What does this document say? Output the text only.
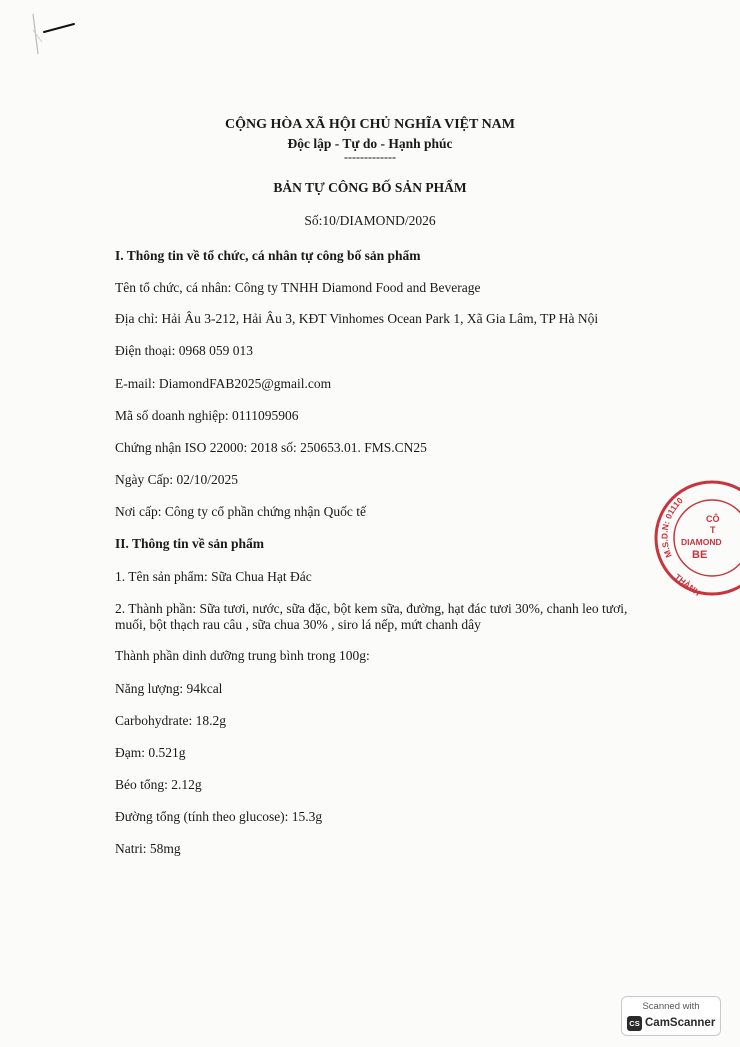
CỘNG HÒA XÃ HỘI CHỦ NGHĨA VIỆT NAM
Độc lập - Tự do - Hạnh phúc
-------------
BẢN TỰ CÔNG BỐ SẢN PHẨM
Số:10/DIAMOND/2026
I. Thông tin về tổ chức, cá nhân tự công bố sản phẩm
Tên tổ chức, cá nhân: Công ty TNHH Diamond Food and Beverage
Địa chỉ: Hải Âu 3-212, Hải Âu 3, KĐT Vinhomes Ocean Park 1, Xã Gia Lâm, TP Hà Nội
Điện thoại: 0968 059 013
E-mail: DiamondFAB2025@gmail.com
Mã số doanh nghiệp: 0111095906
Chứng nhận ISO 22000: 2018 số: 250653.01. FMS.CN25
Ngày Cấp: 02/10/2025
Nơi cấp: Công ty cổ phần chứng nhận Quốc tế
II. Thông tin về sản phẩm
1. Tên sản phẩm: Sữa Chua Hạt Đác
2. Thành phần: Sữa tươi, nước, sữa đặc, bột kem sữa, đường, hạt đác tươi 30%, chanh leo tươi,
muối, bột thạch rau câu , sữa chua 30% , siro lá nếp, mứt chanh dây
Thành phần dinh dưỡng trung bình trong 100g:
Năng lượng: 94kcal
Carbohydrate: 18.2g
Đạm: 0.521g
Béo tổng: 2.12g
Đường tổng (tính theo glucose): 15.3g
Natri: 58mg
M.S.D.N: 01110
CÔ
T
DIAMOND
BE
THÀNH
Scanned with
CS CamScanner
